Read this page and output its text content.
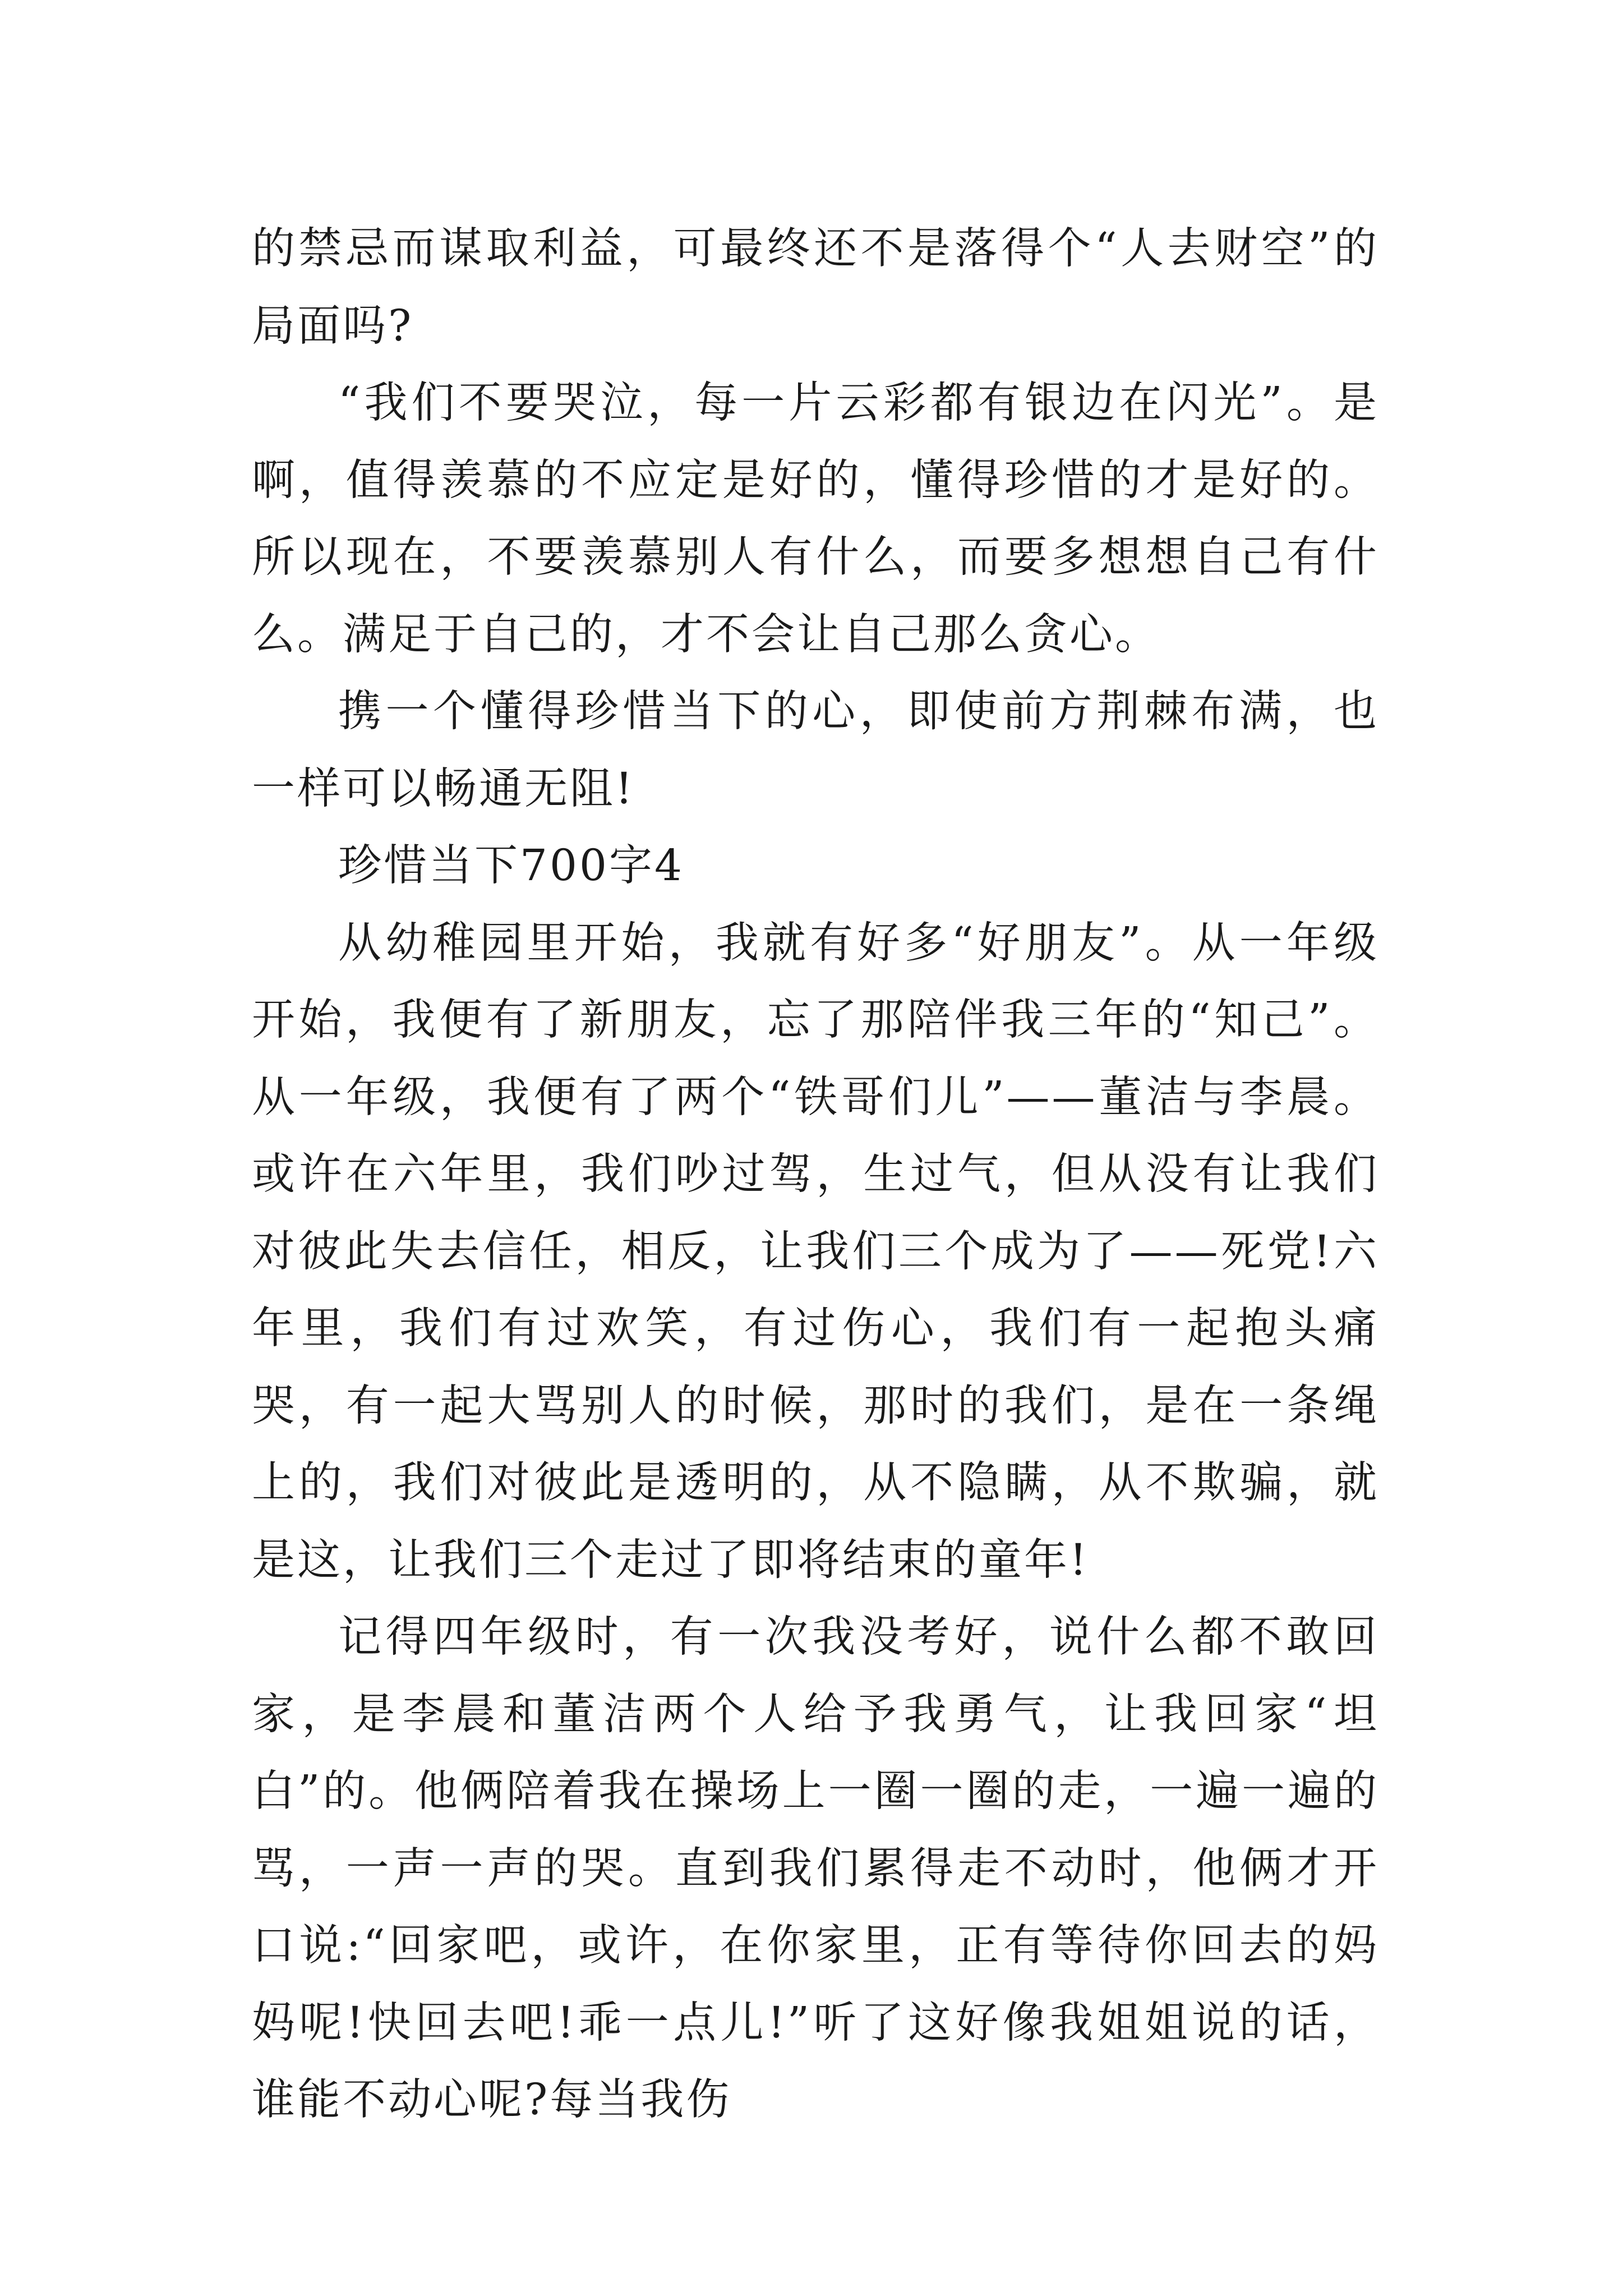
的禁忌而谋取利益，可最终还不是落得个“人去财空”的局面吗?

“我们不要哭泣，每一片云彩都有银边在闪光”。是啊，值得羡慕的不应定是好的，懂得珍惜的才是好的。所以现在，不要羡慕别人有什么，而要多想想自己有什么。满足于自己的，才不会让自己那么贪心。

携一个懂得珍惜当下的心，即使前方荆棘布满，也一样可以畅通无阻!

珍惜当下700字4

从幼稚园里开始，我就有好多“好朋友”。从一年级开始，我便有了新朋友，忘了那陪伴我三年的“知己”。从一年级，我便有了两个“铁哥们儿”——董洁与李晨。或许在六年里，我们吵过驾，生过气，但从没有让我们对彼此失去信任，相反，让我们三个成为了——死党!六年里，我们有过欢笑，有过伤心，我们有一起抱头痛哭，有一起大骂别人的时候，那时的我们，是在一条绳上的，我们对彼此是透明的，从不隐瞒，从不欺骗，就是这，让我们三个走过了即将结束的童年!

记得四年级时，有一次我没考好，说什么都不敢回家，是李晨和董洁两个人给予我勇气，让我回家“坦白”的。他俩陪着我在操场上一圈一圈的走，一遍一遍的骂，一声一声的哭。直到我们累得走不动时，他俩才开口说:“回家吧，或许，在你家里，正有等待你回去的妈妈呢!快回去吧!乖一点儿!”听了这好像我姐姐说的话，谁能不动心呢?每当我伤
